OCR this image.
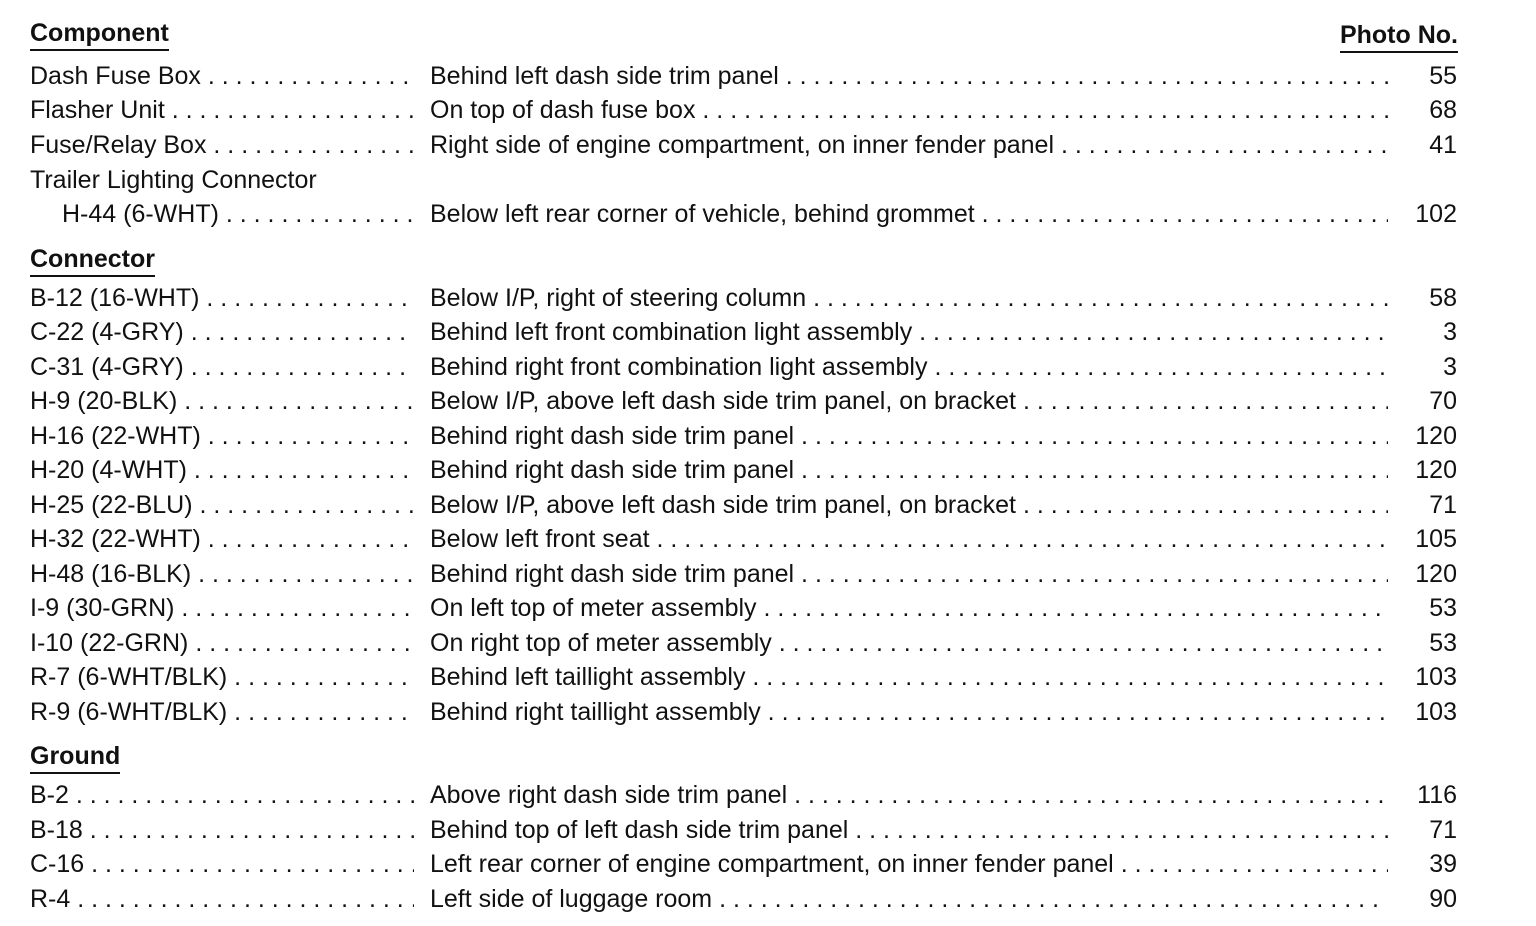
Component	Photo No.
Dash Fuse Box . . .	Behind left dash side trim panel . . .	55
Flasher Unit . . .	On top of dash fuse box . . .	68
Fuse/Relay Box . . .	Right side of engine compartment, on inner fender panel . . .	41
Trailer Lighting Connector
H-44 (6-WHT) . . .	Below left rear corner of vehicle, behind grommet . . .	102
Connector
B-12 (16-WHT) . . .	Below I/P, right of steering column . . .	58
C-22 (4-GRY) . . .	Behind left front combination light assembly . . .	3
C-31 (4-GRY) . . .	Behind right front combination light assembly . . .	3
H-9 (20-BLK) . . .	Below I/P, above left dash side trim panel, on bracket . . .	70
H-16 (22-WHT) . . .	Behind right dash side trim panel . . .	120
H-20 (4-WHT) . . .	Behind right dash side trim panel . . .	120
H-25 (22-BLU) . . .	Below I/P, above left dash side trim panel, on bracket . . .	71
H-32 (22-WHT) . . .	Below left front seat . . .	105
H-48 (16-BLK) . . .	Behind right dash side trim panel . . .	120
I-9 (30-GRN) . . .	On left top of meter assembly . . .	53
I-10 (22-GRN) . . .	On right top of meter assembly . . .	53
R-7 (6-WHT/BLK) . . .	Behind left taillight assembly . . .	103
R-9 (6-WHT/BLK) . . .	Behind right taillight assembly . . .	103
Ground
B-2 . . .	Above right dash side trim panel . . .	116
B-18 . . .	Behind top of left dash side trim panel . . .	71
C-16 . . .	Left rear corner of engine compartment, on inner fender panel . . .	39
R-4 . . .	Left side of luggage room . . .	90
